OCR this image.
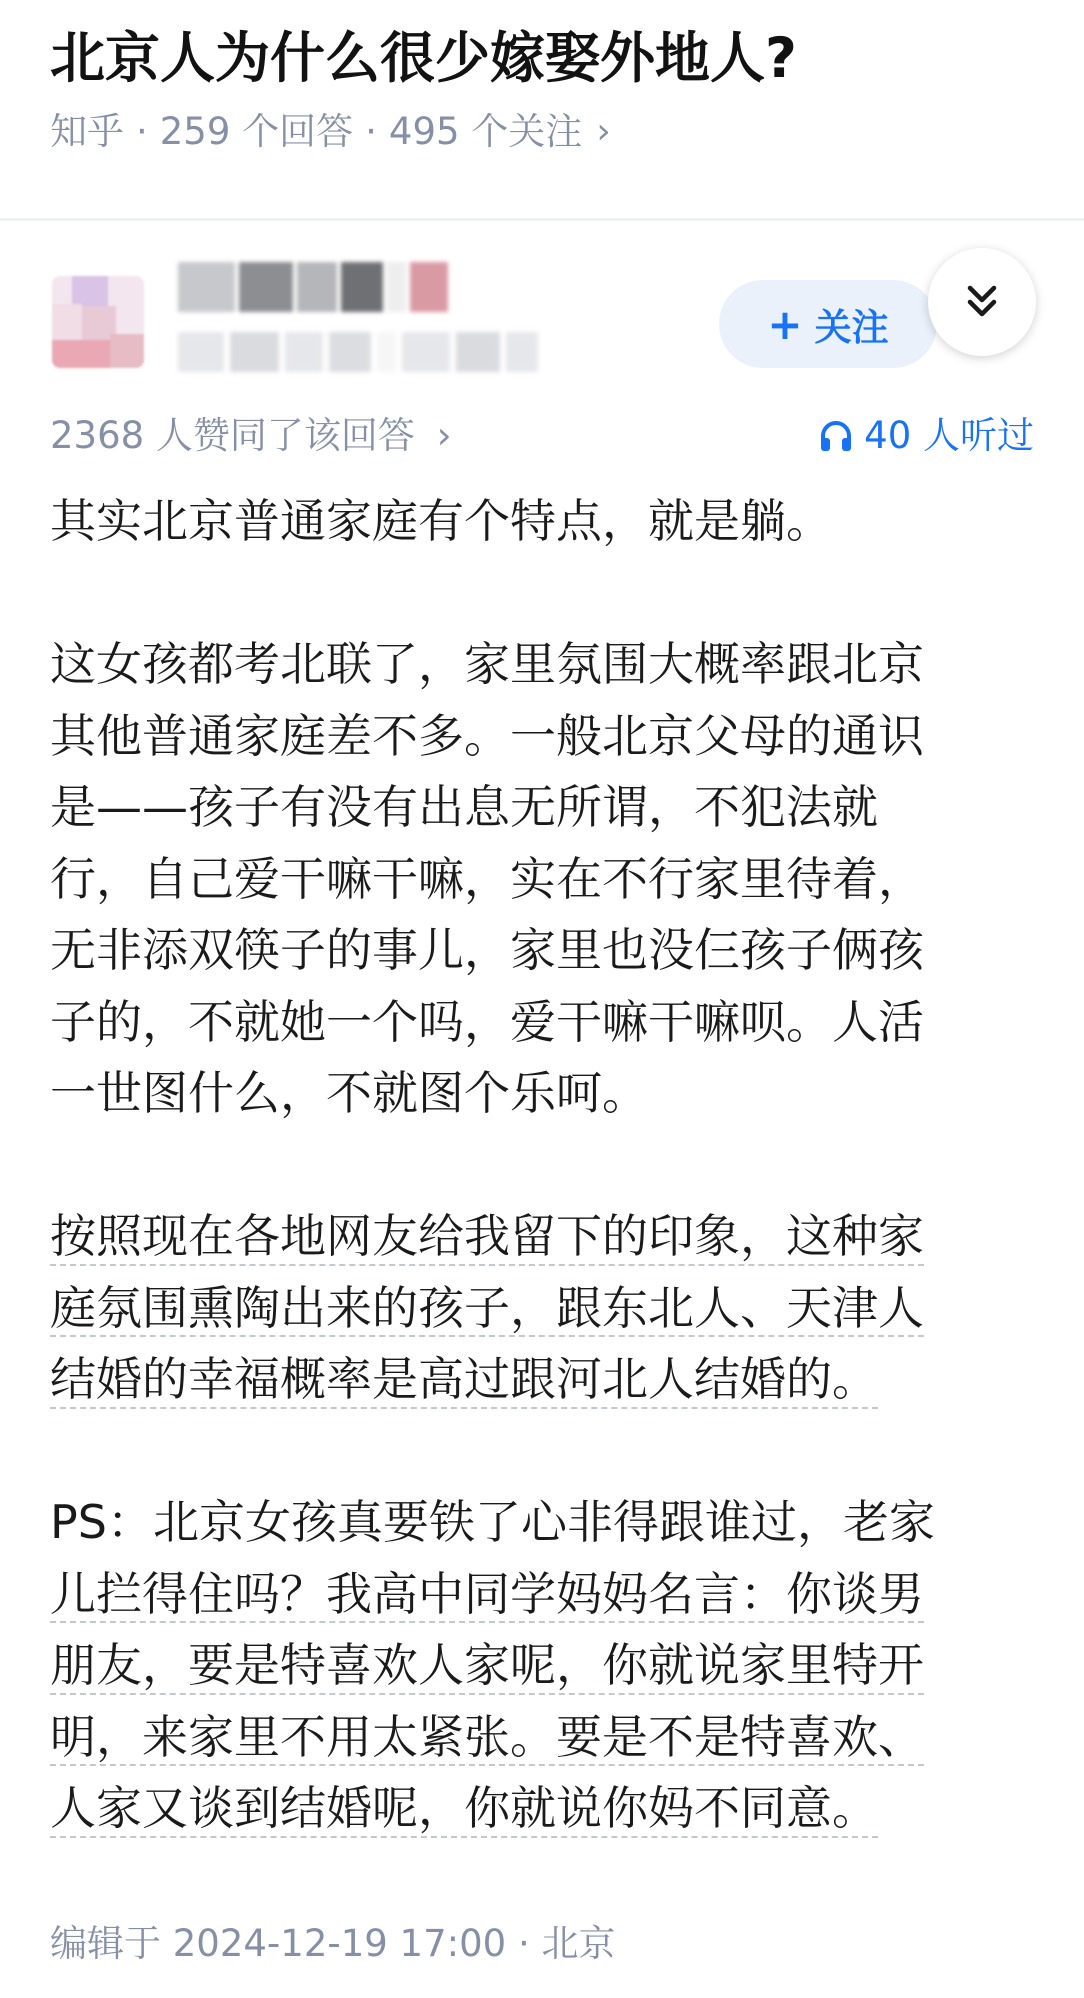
北京人为什么很少嫁娶外地人?
知乎 · 259 个回答 · 495 个关注 ›
+ 关注
2368 人赞同了该回答 ›	40 人听过

其实北京普通家庭有个特点，就是躺。

这女孩都考北联了，家里氛围大概率跟北京

其他普通家庭差不多。一般北京父母的通识

是——孩子有没有出息无所谓，不犯法就

行，自己爱干嘛干嘛，实在不行家里待着，

无非添双筷子的事儿，家里也没仨孩子俩孩

子的，不就她一个吗，爱干嘛干嘛呗。人活

一世图什么，不就图个乐呵。

按照现在各地网友给我留下的印象，这种家

庭氛围熏陶出来的孩子，跟东北人、天津人

结婚的幸福概率是高过跟河北人结婚的。

PS：北京女孩真要铁了心非得跟谁过，老家

儿拦得住吗？我高中同学妈妈名言：你谈男

朋友，要是特喜欢人家呢，你就说家里特开

明，来家里不用太紧张。要是不是特喜欢、

人家又谈到结婚呢，你就说你妈不同意。

编辑于 2024-12-19 17:00 · 北京
